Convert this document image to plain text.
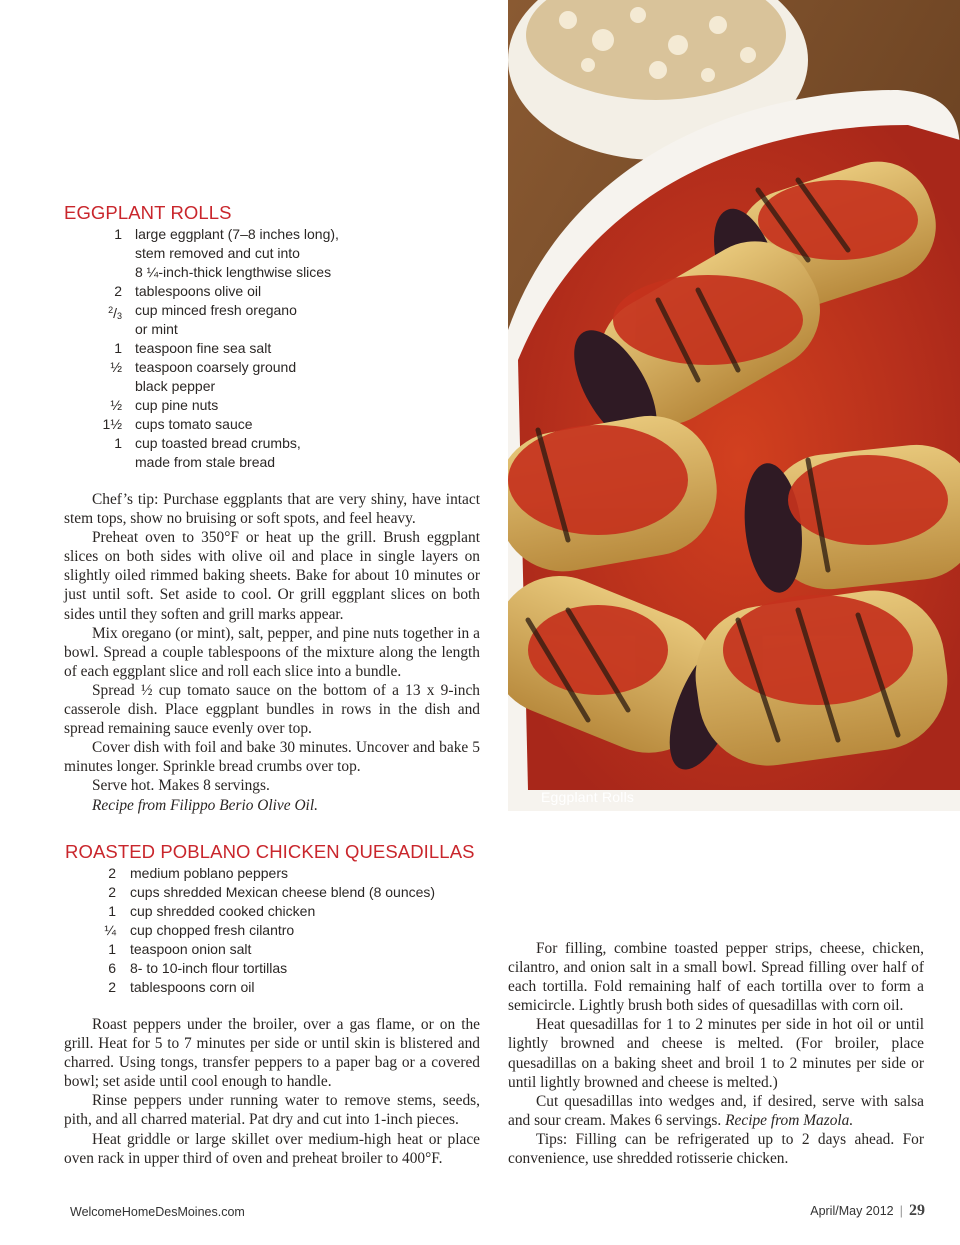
Eggplant Rolls
EGGPLANT ROLLS
1 large eggplant (7–8 inches long),
stem removed and cut into
8 ¼-inch-thick lengthwise slices
2 tablespoons olive oil
$^2$/3 cup minced fresh oregano
or mint
1 teaspoon fine sea salt
½ teaspoon coarsely ground
black pepper
½ cup pine nuts
1½ cups tomato sauce
1 cup toasted bread crumbs,
made from stale bread

Chef’s tip: Purchase eggplants that are very shiny, have intact stem tops, show no bruising or soft spots, and feel heavy.

Preheat oven to 350°F or heat up the grill. Brush eggplant slices on both sides with olive oil and place in single layers on slightly oiled rimmed baking sheets. Bake for about 10 minutes or just until soft. Set aside to cool. Or grill eggplant slices on both sides until they soften and grill marks appear.

Mix oregano (or mint), salt, pepper, and pine nuts together in a bowl. Spread a couple tablespoons of the mixture along the length of each eggplant slice and roll each slice into a bundle.

Spread ½ cup tomato sauce on the bottom of a 13 x 9-inch casserole dish. Place eggplant bundles in rows in the dish and spread remaining sauce evenly over top.

Cover dish with foil and bake 30 minutes. Uncover and bake 5 minutes longer. Sprinkle bread crumbs over top.

Serve hot. Makes 8 servings.

Recipe from Filippo Berio Olive Oil.

ROASTED POBLANO CHICKEN QUESADILLAS
2	medium poblano peppers
2	cups shredded Mexican cheese blend (8 ounces)
1	cup shredded cooked chicken
¼	cup chopped fresh cilantro
1	teaspoon onion salt
6	8- to 10-inch flour tortillas
2	tablespoons corn oil

Roast peppers under the broiler, over a gas flame, or on the grill. Heat for 5 to 7 minutes per side or until skin is blistered and charred. Using tongs, transfer peppers to a paper bag or a covered bowl; set aside until cool enough to handle.

Rinse peppers under running water to remove stems, seeds, pith, and all charred material. Pat dry and cut into 1-inch pieces.

Heat griddle or large skillet over medium-high heat or place oven rack in upper third of oven and preheat broiler to 400°F.

For filling, combine toasted pepper strips, cheese, chicken, cilantro, and onion salt in a small bowl. Spread filling over half of each tortilla. Fold remaining half of each tortilla over to form a semicircle. Lightly brush both sides of quesadillas with corn oil.

Heat quesadillas for 1 to 2 minutes per side in hot oil or until lightly browned and cheese is melted. (For broiler, place quesadillas on a baking sheet and broil 1 to 2 minutes per side or until lightly browned and cheese is melted.)

Cut quesadillas into wedges and, if desired, serve with salsa and sour cream. Makes 6 servings. Recipe from Mazola.

Tips: Filling can be refrigerated up to 2 days ahead. For convenience, use shredded rotisserie chicken.

WelcomeHomeDesMoines.com	April/May 2012 | 29
